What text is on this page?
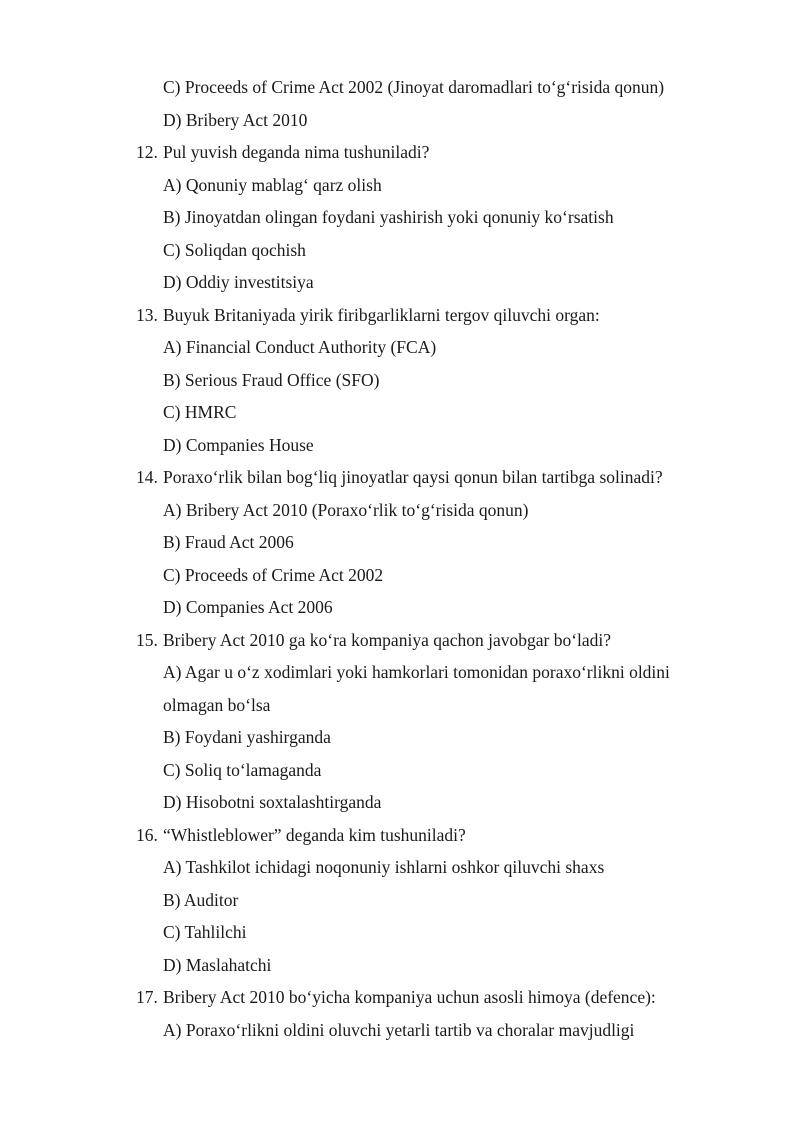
C) Proceeds of Crime Act 2002 (Jinoyat daromadlari to‘g‘risida qonun)
D) Bribery Act 2010
12. Pul yuvish deganda nima tushuniladi?
A) Qonuniy mablag‘ qarz olish
B) Jinoyatdan olingan foydani yashirish yoki qonuniy ko‘rsatish
C) Soliqdan qochish
D) Oddiy investitsiya
13. Buyuk Britaniyada yirik firibgarliklarni tergov qiluvchi organ:
A) Financial Conduct Authority (FCA)
B) Serious Fraud Office (SFO)
C) HMRC
D) Companies House
14. Poraxo‘rlik bilan bog‘liq jinoyatlar qaysi qonun bilan tartibga solinadi?
A) Bribery Act 2010 (Poraxo‘rlik to‘g‘risida qonun)
B) Fraud Act 2006
C) Proceeds of Crime Act 2002
D) Companies Act 2006
15. Bribery Act 2010 ga ko‘ra kompaniya qachon javobgar bo‘ladi?
A) Agar u o‘z xodimlari yoki hamkorlari tomonidan poraxo‘rlikni oldini
olmagan bo‘lsa
B) Foydani yashirganda
C) Soliq to‘lamaganda
D) Hisobotni soxtalashtirganda
16. “Whistleblower” deganda kim tushuniladi?
A) Tashkilot ichidagi noqonuniy ishlarni oshkor qiluvchi shaxs
B) Auditor
C) Tahlilchi
D) Maslahatchi
17. Bribery Act 2010 bo‘yicha kompaniya uchun asosli himoya (defence):
A) Poraxo‘rlikni oldini oluvchi yetarli tartib va choralar mavjudligi
